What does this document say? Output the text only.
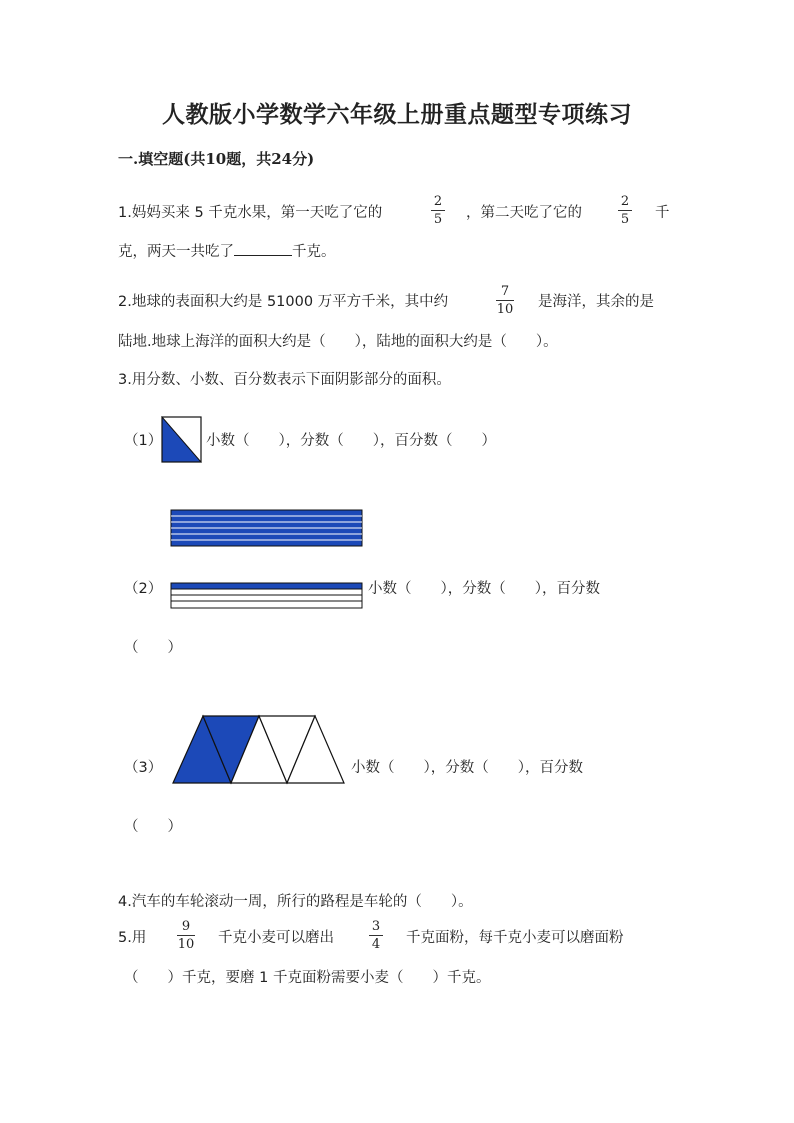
人教版小学数学六年级上册重点题型专项练习
一.填空题(共10题，共24分)
1.妈妈买来 5 千克水果，第一天吃了它的
2
5 ，第二天吃了它的
2
5 千
克，两天一共吃了	千克。
2.地球的表面积大约是 51000 万平方千米，其中约
7
10 是海洋，其余的是
陆地.地球上海洋的面积大约是（　　），陆地的面积大约是（　　）。
3.用分数、小数、百分数表示下面阴影部分的面积。
（1）	小数（　　），分数（　　），百分数（　　）
（2）	小数（　　），分数（　　），百分数
（　　）
（3）	小数（　　），分数（　　），百分数
（　　）
4.汽车的车轮滚动一周，所行的路程是车轮的（　　）。
5.用
9
10 千克小麦可以磨出
3
4 千克面粉，每千克小麦可以磨面粉
（　　）千克，要磨 1 千克面粉需要小麦（　　）千克。
